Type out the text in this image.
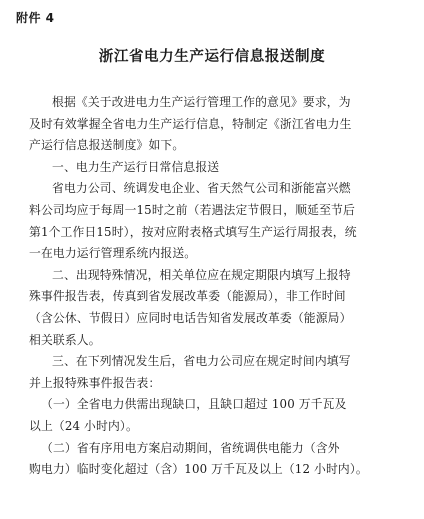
附件 4
浙江省电力生产运行信息报送制度

根据《关于改进电力生产运行管理工作的意见》要求，为
及时有效掌握全省电力生产运行信息，特制定《浙江省电力生
产运行信息报送制度》如下。

一、电力生产运行日常信息报送

省电力公司、统调发电企业、省天然气公司和浙能富兴燃
料公司均应于每周一15时之前（若遇法定节假日，顺延至节后
第1个工作日15时），按对应附表格式填写生产运行周报表，统
一在电力运行管理系统内报送。

二、出现特殊情况，相关单位应在规定期限内填写上报特
殊事件报告表，传真到省发展改革委（能源局），非工作时间
（含公休、节假日）应同时电话告知省发展改革委（能源局）
相关联系人。

三、在下列情况发生后，省电力公司应在规定时间内填写
并上报特殊事件报告表：

（一）全省电力供需出现缺口，且缺口超过 100 万千瓦及
以上（24 小时内）。

（二）省有序用电方案启动期间，省统调供电能力（含外
购电力）临时变化超过（含）100 万千瓦及以上（12 小时内）。
